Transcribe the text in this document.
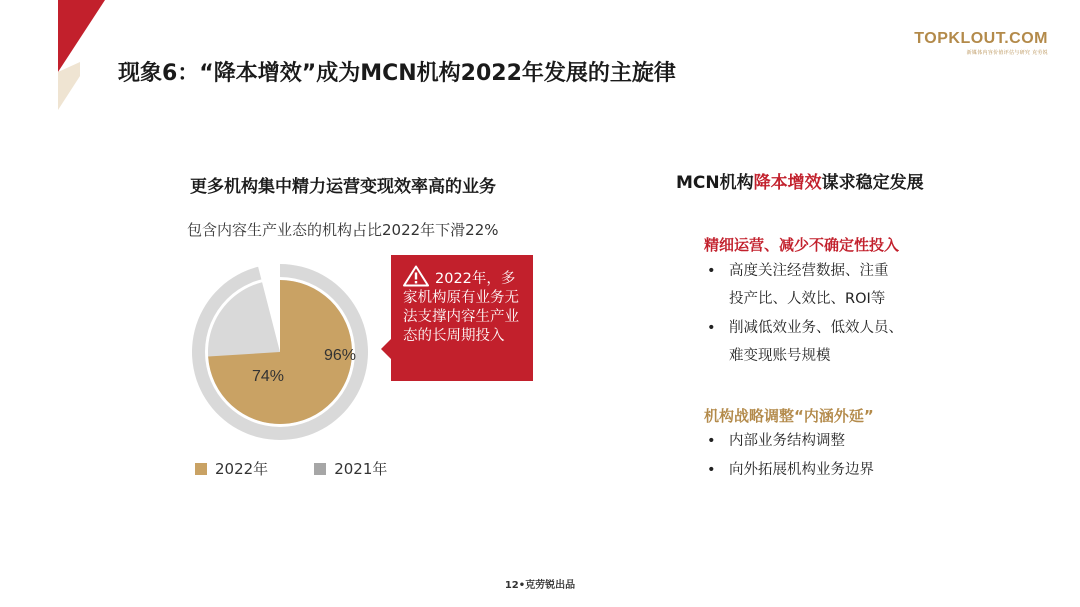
现象6：“降本增效”成为MCN机构2022年发展的主旋律
TOPKLOUT.COM
新媒体内容价值评估与研究 克劳锐
更多机构集中精力运营变现效率高的业务
包含内容生产业态的机构占比2022年下滑22%
74%
96%
2022年，多家机构原有业务无法支撑内容生产业态的长周期投入
2022年	2021年
MCN机构降本增效谋求稳定发展
精细运营、减少不确定性投入
• 高度关注经营数据、注重
投产比、人效比、ROI等
• 削减低效业务、低效人员、
难变现账号规模
机构战略调整“内涵外延”
• 内部业务结构调整
• 向外拓展机构业务边界
12•克劳锐出品
